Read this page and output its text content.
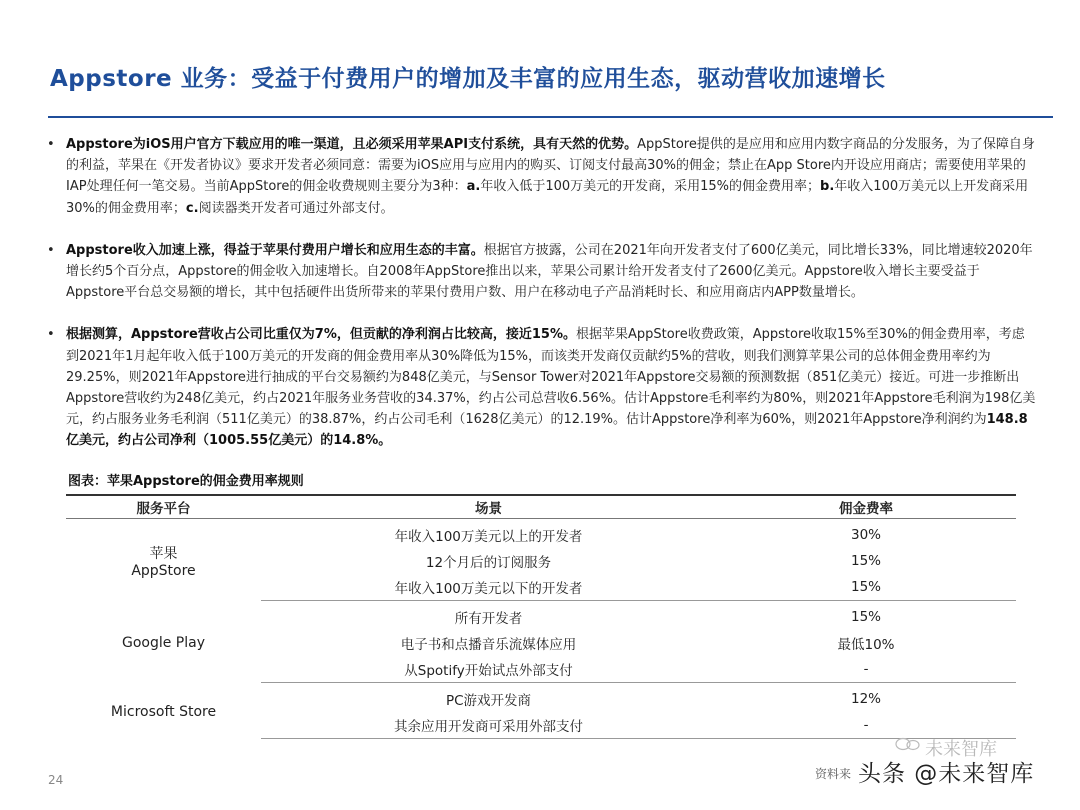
Appstore 业务：受益于付费用户的增加及丰富的应用生态，驱动营收加速增长

• Appstore为iOS用户官方下载应用的唯一渠道，且必须采用苹果API支付系统，具有天然的优势。AppStore提供的是应用和应用内数字商品的分发服务，为了保障自身的利益，苹果在《开发者协议》要求开发者必须同意：需要为iOS应用与应用内的购买、订阅支付最高30%的佣金；禁止在App Store内开设应用商店；需要使用苹果的IAP处理任何一笔交易。当前AppStore的佣金收费规则主要分为3种：a.年收入低于100万美元的开发商，采用15%的佣金费用率；b.年收入100万美元以上开发商采用30%的佣金费用率；c.阅读器类开发者可通过外部支付。

• Appstore收入加速上涨，得益于苹果付费用户增长和应用生态的丰富。根据官方披露，公司在2021年向开发者支付了600亿美元，同比增长33%，同比增速较2020年增长约5个百分点，Appstore的佣金收入加速增长。自2008年AppStore推出以来，苹果公司累计给开发者支付了2600亿美元。Appstore收入增长主要受益于Appstore平台总交易额的增长，其中包括硬件出货所带来的苹果付费用户数、用户在移动电子产品消耗时长、和应用商店内APP数量增长。

• 根据测算，Appstore营收占公司比重仅为7%，但贡献的净利润占比较高，接近15%。根据苹果AppStore收费政策，Appstore收取15%至30%的佣金费用率，考虑到2021年1月起年收入低于100万美元的开发商的佣金费用率从30%降低为15%，而该类开发商仅贡献约5%的营收，则我们测算苹果公司的总体佣金费用率约为29.25%，则2021年Appstore进行抽成的平台交易额约为848亿美元，与Sensor Tower对2021年Appstore交易额的预测数据（851亿美元）接近。可进一步推断出Appstore营收约为248亿美元，约占2021年服务业务营收的34.37%，约占公司总营收6.56%。估计Appstore毛利率约为80%，则2021年Appstore毛利润为198亿美元，约占服务业务毛利润（511亿美元）的38.87%，约占公司毛利（1628亿美元）的12.19%。估计Appstore净利率为60%，则2021年Appstore净利润约为148.8亿美元，约占公司净利（1005.55亿美元）的14.8%。

图表：苹果Appstore的佣金费用率规则
服务平台	场景	佣金费率

苹果
AppStore	年收入100万美元以上的开发者	30%
	12个月后的订阅服务	15%
	年收入100万美元以下的开发者	15%

Google Play	所有开发者	15%
	电子书和点播音乐流媒体应用	最低10%
	从Spotify开始试点外部支付	-

Microsoft Store	PC游戏开发商	12%
	其余应用开发商可采用外部支付	-
24	资料来
未来智库
头条 @未来智库
